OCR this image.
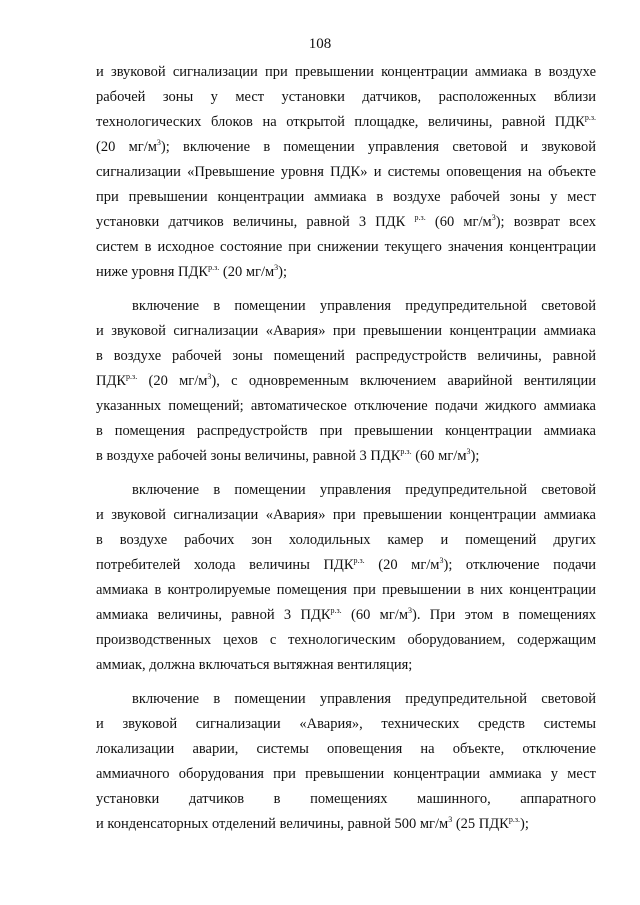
108
и звуковой сигнализации при превышении концентрации аммиака в воздухе
рабочей зоны у мест установки датчиков, расположенных вблизи
технологических блоков на открытой площадке, величины, равной $ПДК^{р.з.}$
(20 $мг/м^3$); включение в помещении управления световой и звуковой
сигнализации «Превышение уровня ПДК» и системы оповещения на объекте
при превышении концентрации аммиака в воздухе рабочей зоны у мест
установки датчиков величины, равной 3 ПДК $^{р.з.}$ (60 $мг/м^3$); возврат всех
систем в исходное состояние при снижении текущего значения концентрации
ниже уровня $ПДК^{р.з.}$ (20 $мг/м^3$);
включение в помещении управления предупредительной световой
и звуковой сигнализации «Авария» при превышении концентрации аммиака
в воздухе рабочей зоны помещений распредустройств величины, равной
$ПДК^{р.з.}$ (20 $мг/м^3$), с одновременным включением аварийной вентиляции
указанных помещений; автоматическое отключение подачи жидкого аммиака
в помещения распредустройств при превышении концентрации аммиака
в воздухе рабочей зоны величины, равной 3 $ПДК^{р.з.}$ (60 $мг/м^3$);
включение в помещении управления предупредительной световой
и звуковой сигнализации «Авария» при превышении концентрации аммиака
в воздухе рабочих зон холодильных камер и помещений других
потребителей холода величины $ПДК^{р.з.}$ (20 $мг/м^3$); отключение подачи
аммиака в контролируемые помещения при превышении в них концентрации
аммиака величины, равной 3 $ПДК^{р.з.}$ (60 $мг/м^3$). При этом в помещениях
производственных цехов с технологическим оборудованием, содержащим
аммиак, должна включаться вытяжная вентиляция;
включение в помещении управления предупредительной световой
и звуковой сигнализации «Авария», технических средств системы
локализации аварии, системы оповещения на объекте, отключение
аммиачного оборудования при превышении концентрации аммиака у мест
установки датчиков в помещениях машинного, аппаратного
и конденсаторных отделений величины, равной 500 $мг/м^3$ (25 $ПДК^{р.з.}$);
